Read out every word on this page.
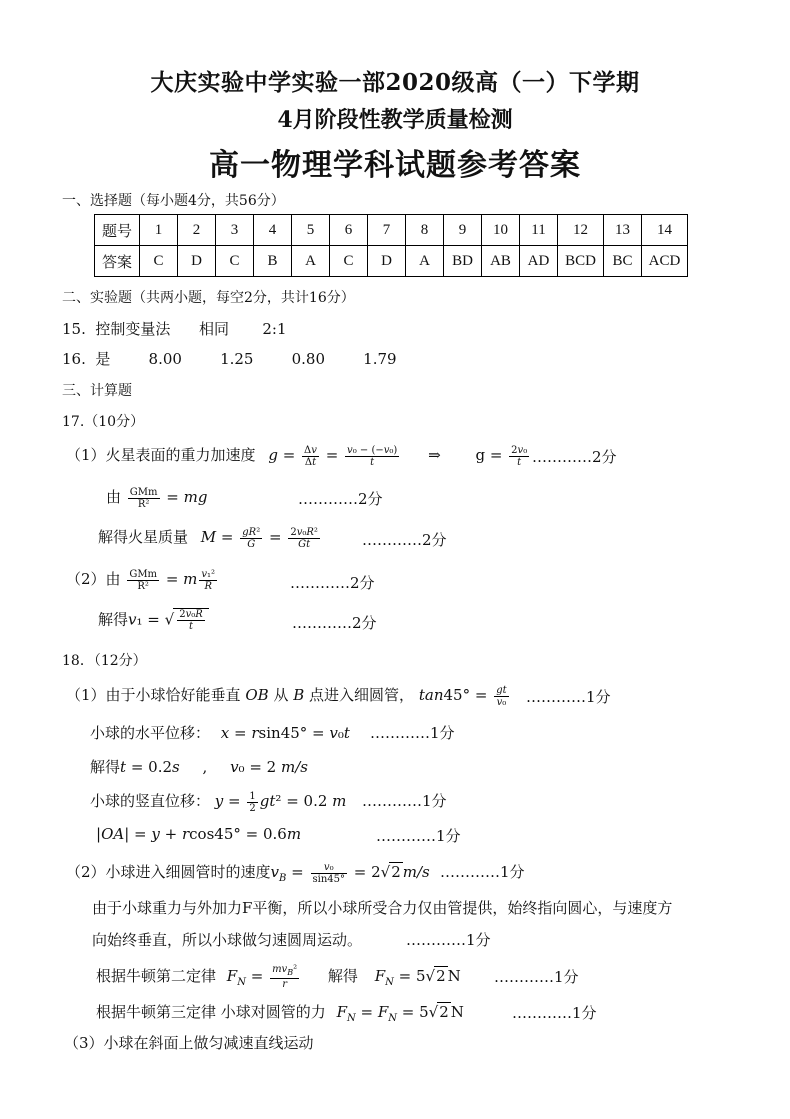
大庆实验中学实验一部2020级高（一）下学期
4月阶段性教学质量检测
高一物理学科试题参考答案
一、选择题（每小题4分，共56分）
题号	1	2	3	4	5	6	7	8	9	10	11	12	13	14
答案	C	D	C	B	A	C	D	A	BD	AB	AD	BCD	BC	ACD
二、实验题（共两小题，每空2分，共计16分）
15.  控制变量法      相同       2:1
16.  是        8.00        1.25        0.80        1.79
三、计算题
17.（10分）
（1）火星表面的重力加速度 $g = \frac{\Delta v}{\Delta t} = \frac{\text{v₀ − (−v₀)}}{t}$ ⇒ $g = \frac{\text{2v₀}}{t}$ …………2分
由 $\frac{\text{GMm}}{\text{R²}}$ = mg	…………2分
解得火星质量 $M = \frac{\text{gR²}}{G} = \frac{\text{2v₀R²}}{Gt}$	…………2分
（2）由 $\frac{\text{GMm}}{\text{R²}} = m \frac{\text{v₁²}}{R}$	…………2分
解得v₁ = √ $\frac{\text{2v₀R}}{t}$	…………2分
18．（12分）
（1）由于小球恰好能垂直 OB 从 B 点进入细圆管， $\tan 45^\circ = \frac{gt}{\text{v₀}}$ …………1分
小球的水平位移： x = rsin45° = v₀t …………1分
解得t = 0.2s , v₀ = 2 m/s
小球的竖直位移： $y = \frac{1}{2} gt^2 = 0.2$ m …………1分
|OA| = y + rcos45° = 0.6m	…………1分
（2）小球进入细圆管时的速度$v_B = \frac{\text{v₀}}{\sin 45^\circ} = 2√2$ m/s …………1分
由于小球重力与外加力F平衡，所以小球所受合力仅由管提供，始终指向圆心，与速度方
向始终垂直，所以小球做匀速圆周运动。	…………1分
根据牛顿第二定律 $F_N = \frac{mv_B^2}{r}$ 解得 $F_N = 5√2$ N …………1分
根据牛顿第三定律 小球对圆管的力 $F_N = F_N = 5√2$ N	…………1分
（3）小球在斜面上做匀减速直线运动
